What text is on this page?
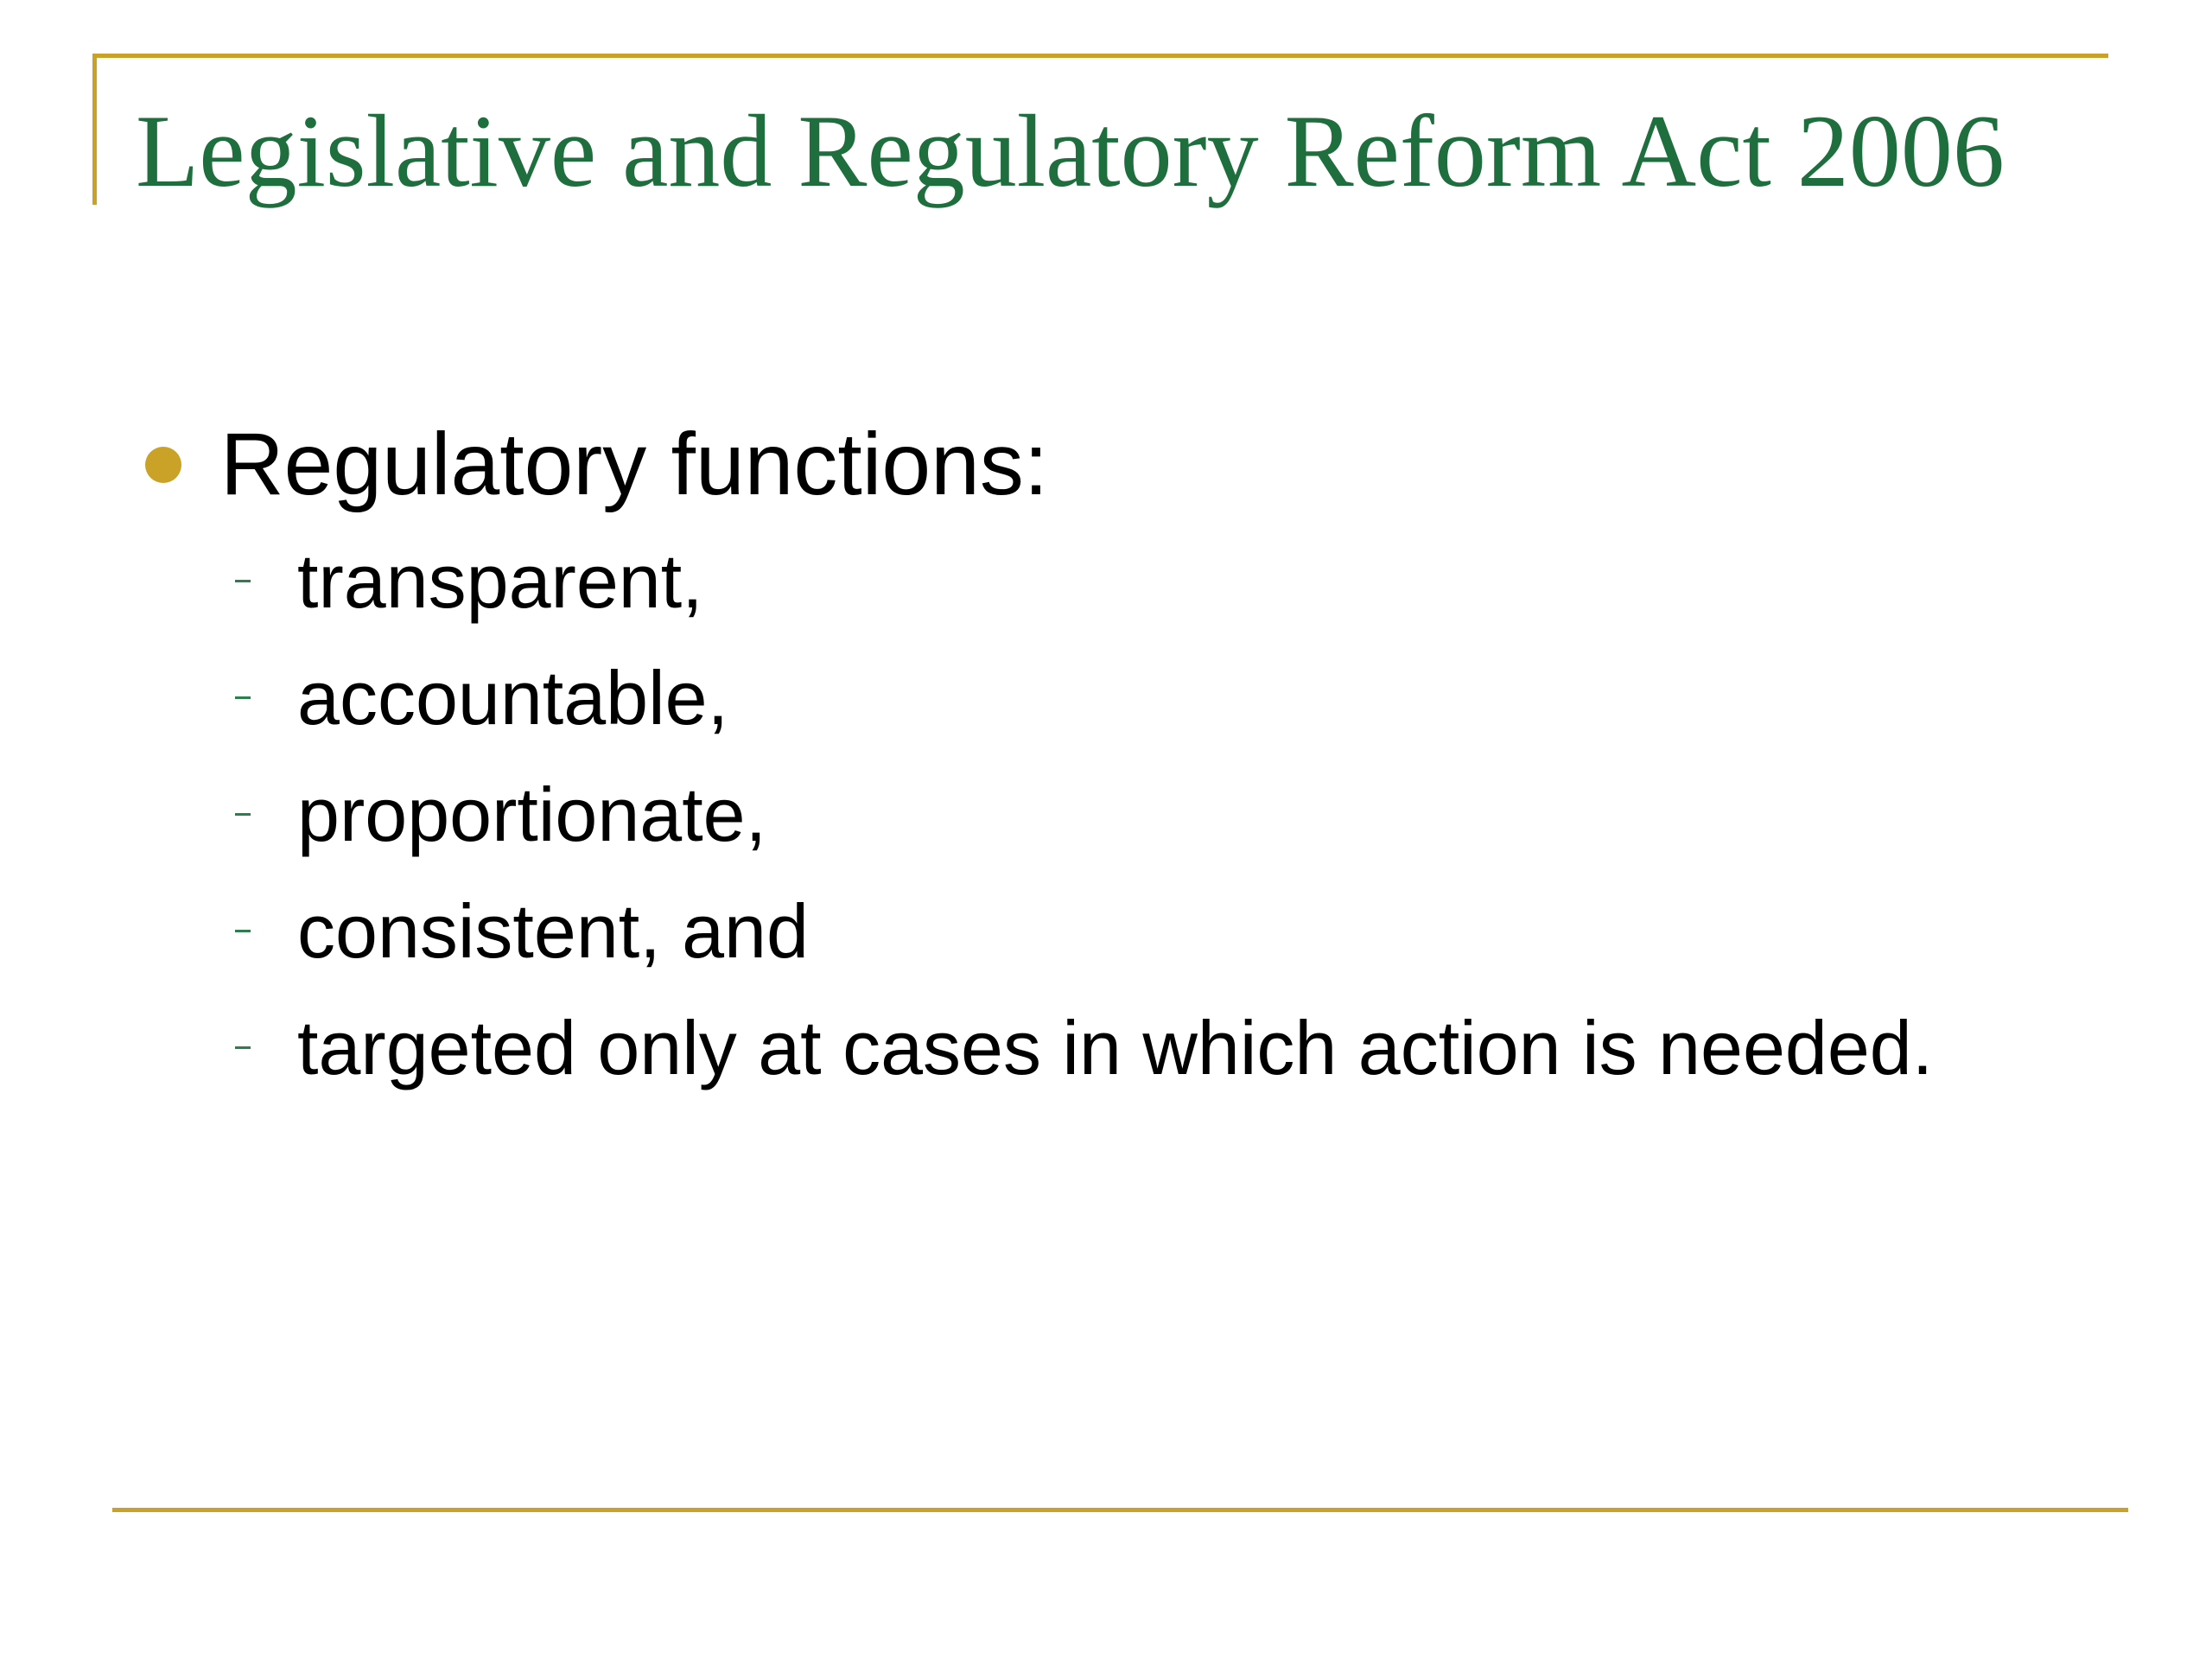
Legislative and Regulatory Reform Act 2006
Regulatory functions:
transparent,
accountable,
proportionate,
consistent, and
targeted only at cases in which action is needed.
